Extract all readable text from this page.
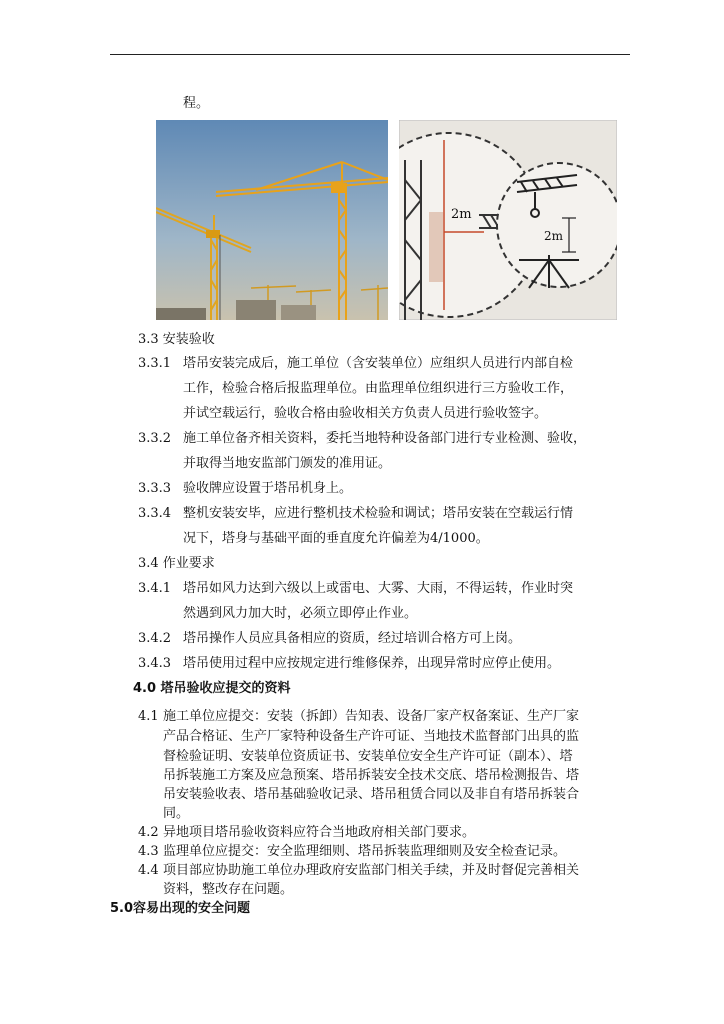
程。
2m
2m
3.3 安装验收
3.3.1 塔吊安装完成后，施工单位（含安装单位）应组织人员进行内部自检
工作，检验合格后报监理单位。由监理单位组织进行三方验收工作，
并试空载运行，验收合格由验收相关方负责人员进行验收签字。
3.3.2 施工单位备齐相关资料，委托当地特种设备部门进行专业检测、验收，
并取得当地安监部门颁发的准用证。
3.3.3 验收牌应设置于塔吊机身上。
3.3.4 整机安装安毕，应进行整机技术检验和调试；塔吊安装在空载运行情
况下，塔身与基础平面的垂直度允许偏差为4/1000。
3.4 作业要求
3.4.1 塔吊如风力达到六级以上或雷电、大雾、大雨，不得运转，作业时突
然遇到风力加大时，必须立即停止作业。
3.4.2 塔吊操作人员应具备相应的资质，经过培训合格方可上岗。
3.4.3 塔吊使用过程中应按规定进行维修保养，出现异常时应停止使用。
4.0 塔吊验收应提交的资料
4.1 施工单位应提交：安装（拆卸）告知表、设备厂家产权备案证、生产厂家
产品合格证、生产厂家特种设备生产许可证、当地技术监督部门出具的监
督检验证明、安装单位资质证书、安装单位安全生产许可证（副本）、塔
吊拆装施工方案及应急预案、塔吊拆装安全技术交底、塔吊检测报告、塔
吊安装验收表、塔吊基础验收记录、塔吊租赁合同以及非自有塔吊拆装合
同。
4.2 异地项目塔吊验收资料应符合当地政府相关部门要求。
4.3 监理单位应提交：安全监理细则、塔吊拆装监理细则及安全检查记录。
4.4 项目部应协助施工单位办理政府安监部门相关手续，并及时督促完善相关
资料，整改存在问题。
5.0容易出现的安全问题
